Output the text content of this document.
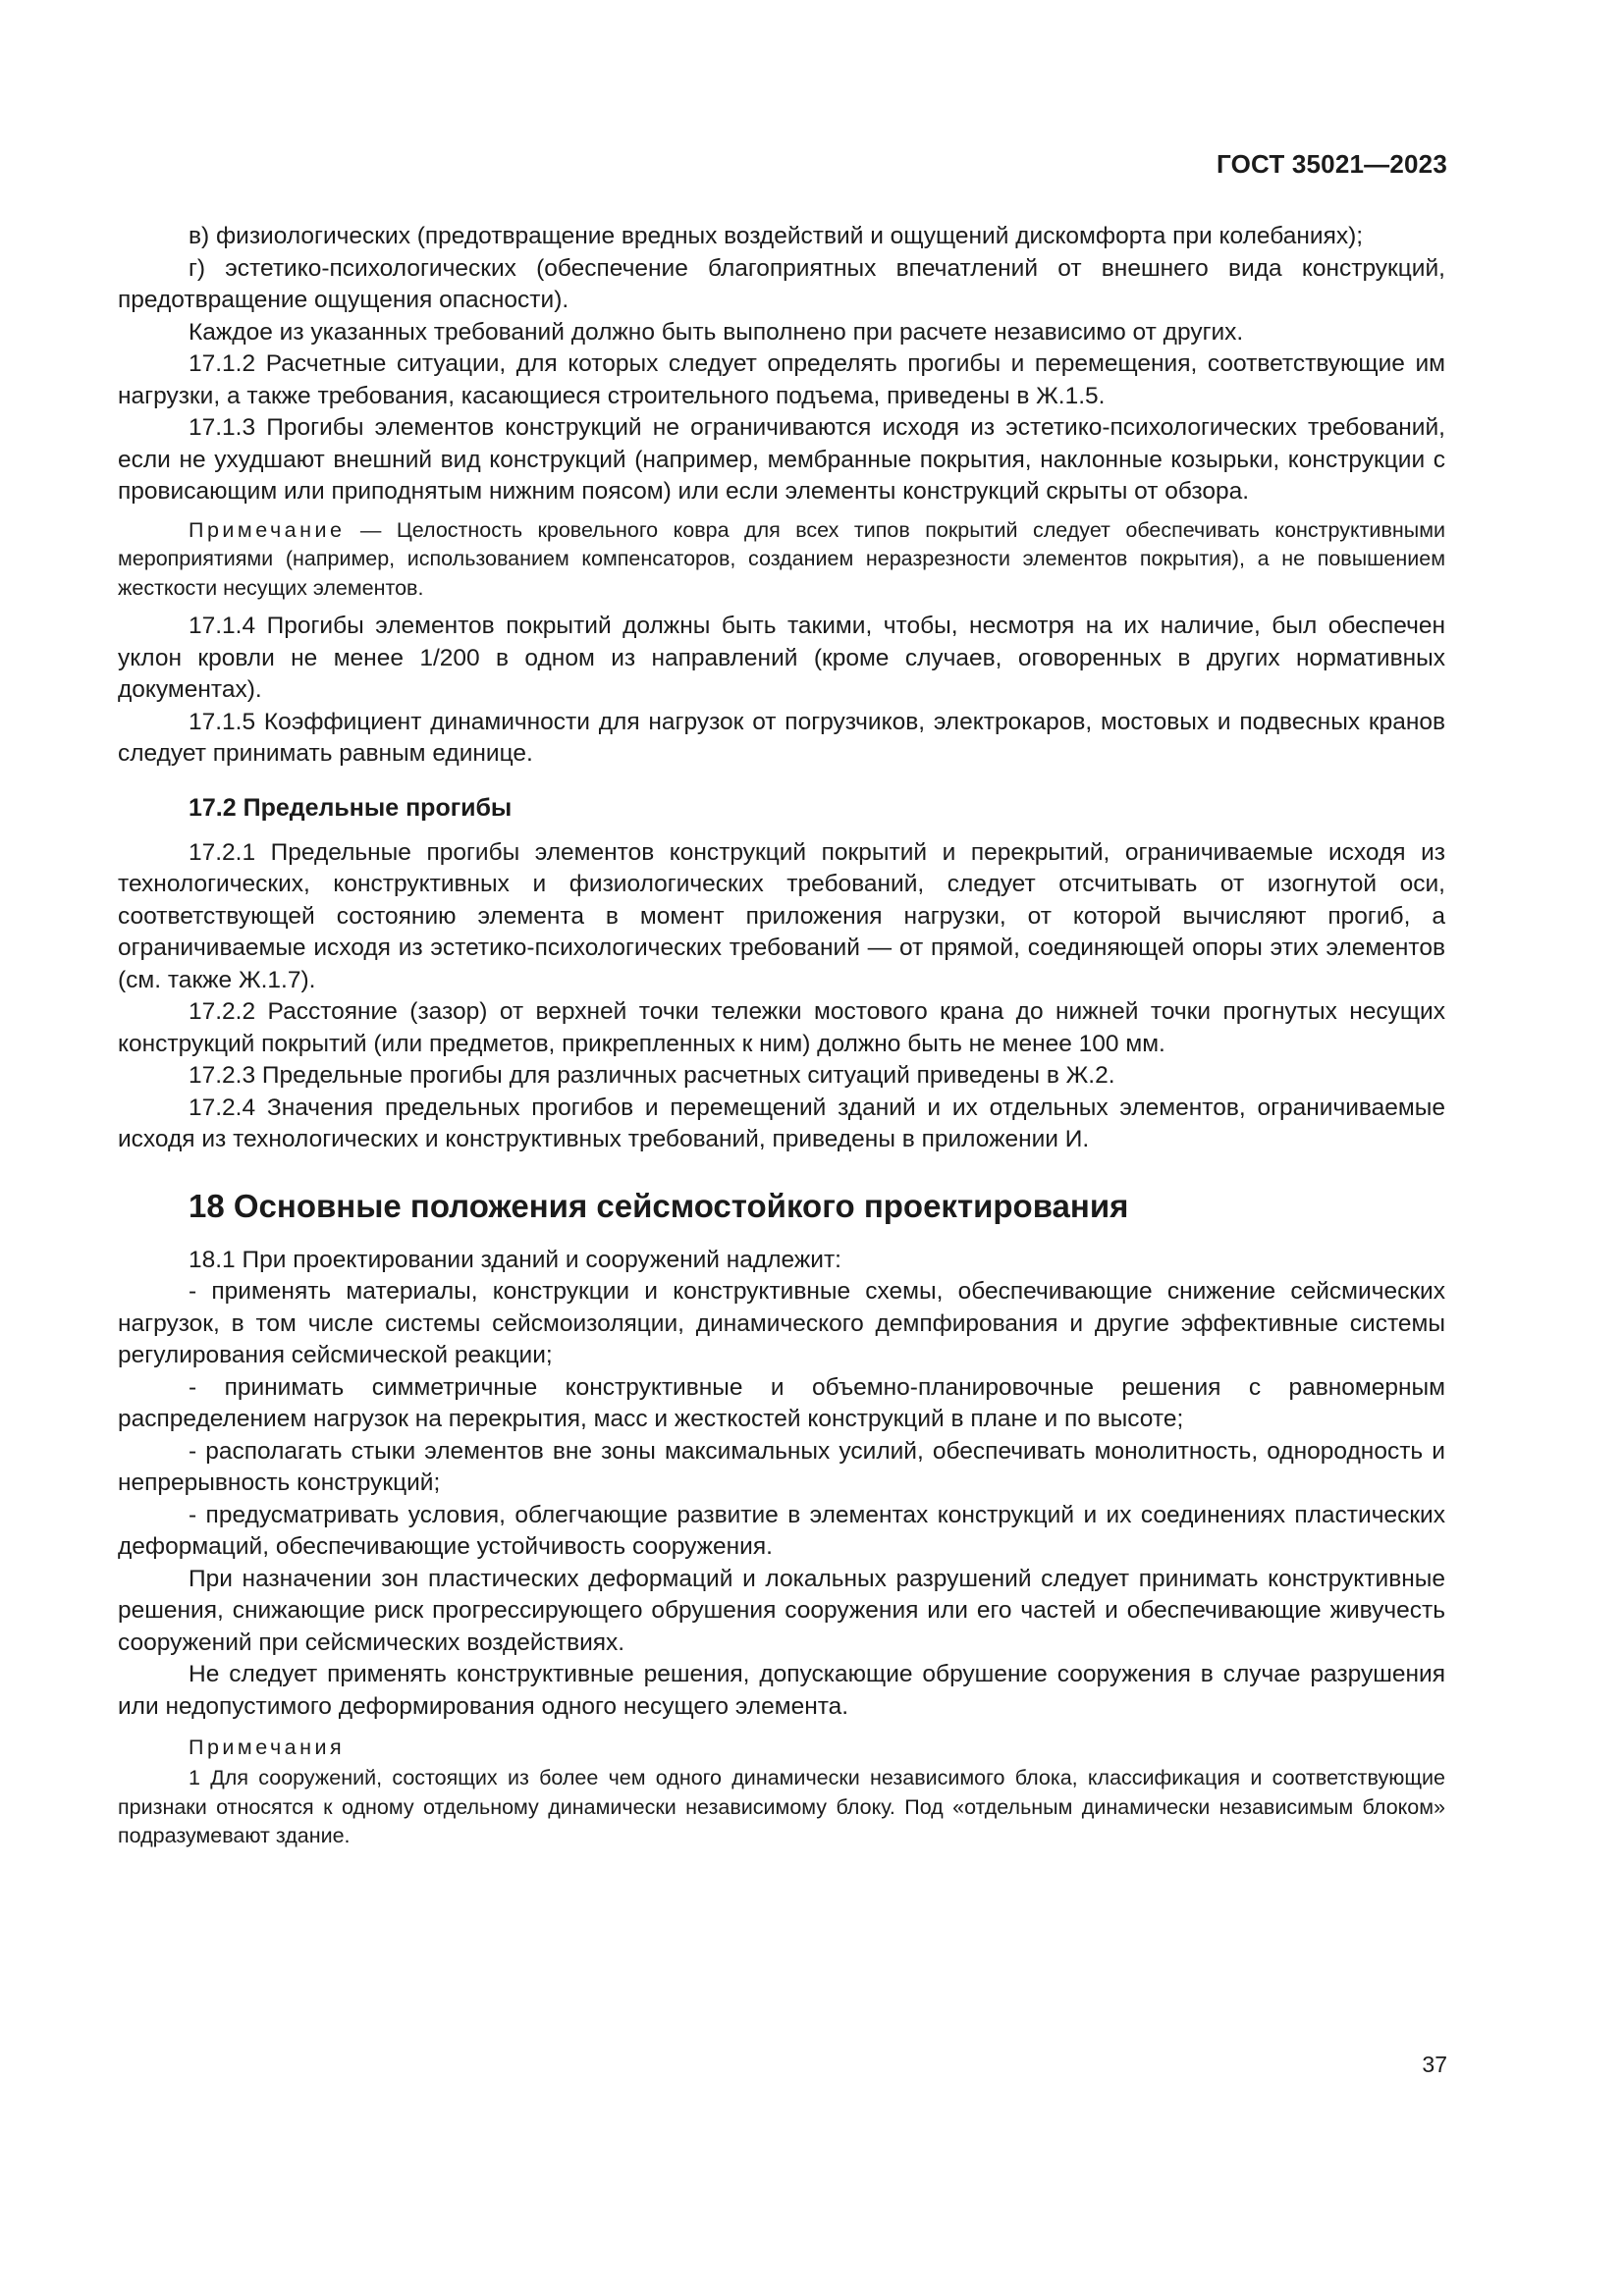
ГОСТ 35021—2023

в) физиологических (предотвращение вредных воздействий и ощущений дискомфорта при колебаниях);

г) эстетико-психологических (обеспечение благоприятных впечатлений от внешнего вида конструкций, предотвращение ощущения опасности).

Каждое из указанных требований должно быть выполнено при расчете независимо от других.

17.1.2 Расчетные ситуации, для которых следует определять прогибы и перемещения, соответствующие им нагрузки, а также требования, касающиеся строительного подъема, приведены в Ж.1.5.

17.1.3 Прогибы элементов конструкций не ограничиваются исходя из эстетико-психологических требований, если не ухудшают внешний вид конструкций (например, мембранные покрытия, наклонные козырьки, конструкции с провисающим или приподнятым нижним поясом) или если элементы конструкций скрыты от обзора.

Примечание — Целостность кровельного ковра для всех типов покрытий следует обеспечивать конструктивными мероприятиями (например, использованием компенсаторов, созданием неразрезности элементов покрытия), а не повышением жесткости несущих элементов.

17.1.4 Прогибы элементов покрытий должны быть такими, чтобы, несмотря на их наличие, был обеспечен уклон кровли не менее 1/200 в одном из направлений (кроме случаев, оговоренных в других нормативных документах).

17.1.5 Коэффициент динамичности для нагрузок от погрузчиков, электрокаров, мостовых и подвесных кранов следует принимать равным единице.

17.2 Предельные прогибы

17.2.1 Предельные прогибы элементов конструкций покрытий и перекрытий, ограничиваемые исходя из технологических, конструктивных и физиологических требований, следует отсчитывать от изогнутой оси, соответствующей состоянию элемента в момент приложения нагрузки, от которой вычисляют прогиб, а ограничиваемые исходя из эстетико-психологических требований — от прямой, соединяющей опоры этих элементов (см. также Ж.1.7).

17.2.2 Расстояние (зазор) от верхней точки тележки мостового крана до нижней точки прогнутых несущих конструкций покрытий (или предметов, прикрепленных к ним) должно быть не менее 100 мм.

17.2.3 Предельные прогибы для различных расчетных ситуаций приведены в Ж.2.

17.2.4 Значения предельных прогибов и перемещений зданий и их отдельных элементов, ограничиваемые исходя из технологических и конструктивных требований, приведены в приложении И.

18 Основные положения сейсмостойкого проектирования

18.1 При проектировании зданий и сооружений надлежит:

- применять материалы, конструкции и конструктивные схемы, обеспечивающие снижение сейсмических нагрузок, в том числе системы сейсмоизоляции, динамического демпфирования и другие эффективные системы регулирования сейсмической реакции;

- принимать симметричные конструктивные и объемно-планировочные решения с равномерным распределением нагрузок на перекрытия, масс и жесткостей конструкций в плане и по высоте;

- располагать стыки элементов вне зоны максимальных усилий, обеспечивать монолитность, однородность и непрерывность конструкций;

- предусматривать условия, облегчающие развитие в элементах конструкций и их соединениях пластических деформаций, обеспечивающие устойчивость сооружения.

При назначении зон пластических деформаций и локальных разрушений следует принимать конструктивные решения, снижающие риск прогрессирующего обрушения сооружения или его частей и обеспечивающие живучесть сооружений при сейсмических воздействиях.

Не следует применять конструктивные решения, допускающие обрушение сооружения в случае разрушения или недопустимого деформирования одного несущего элемента.

Примечания

1 Для сооружений, состоящих из более чем одного динамически независимого блока, классификация и соответствующие признаки относятся к одному отдельному динамически независимому блоку. Под «отдельным динамически независимым блоком» подразумевают здание.

37
